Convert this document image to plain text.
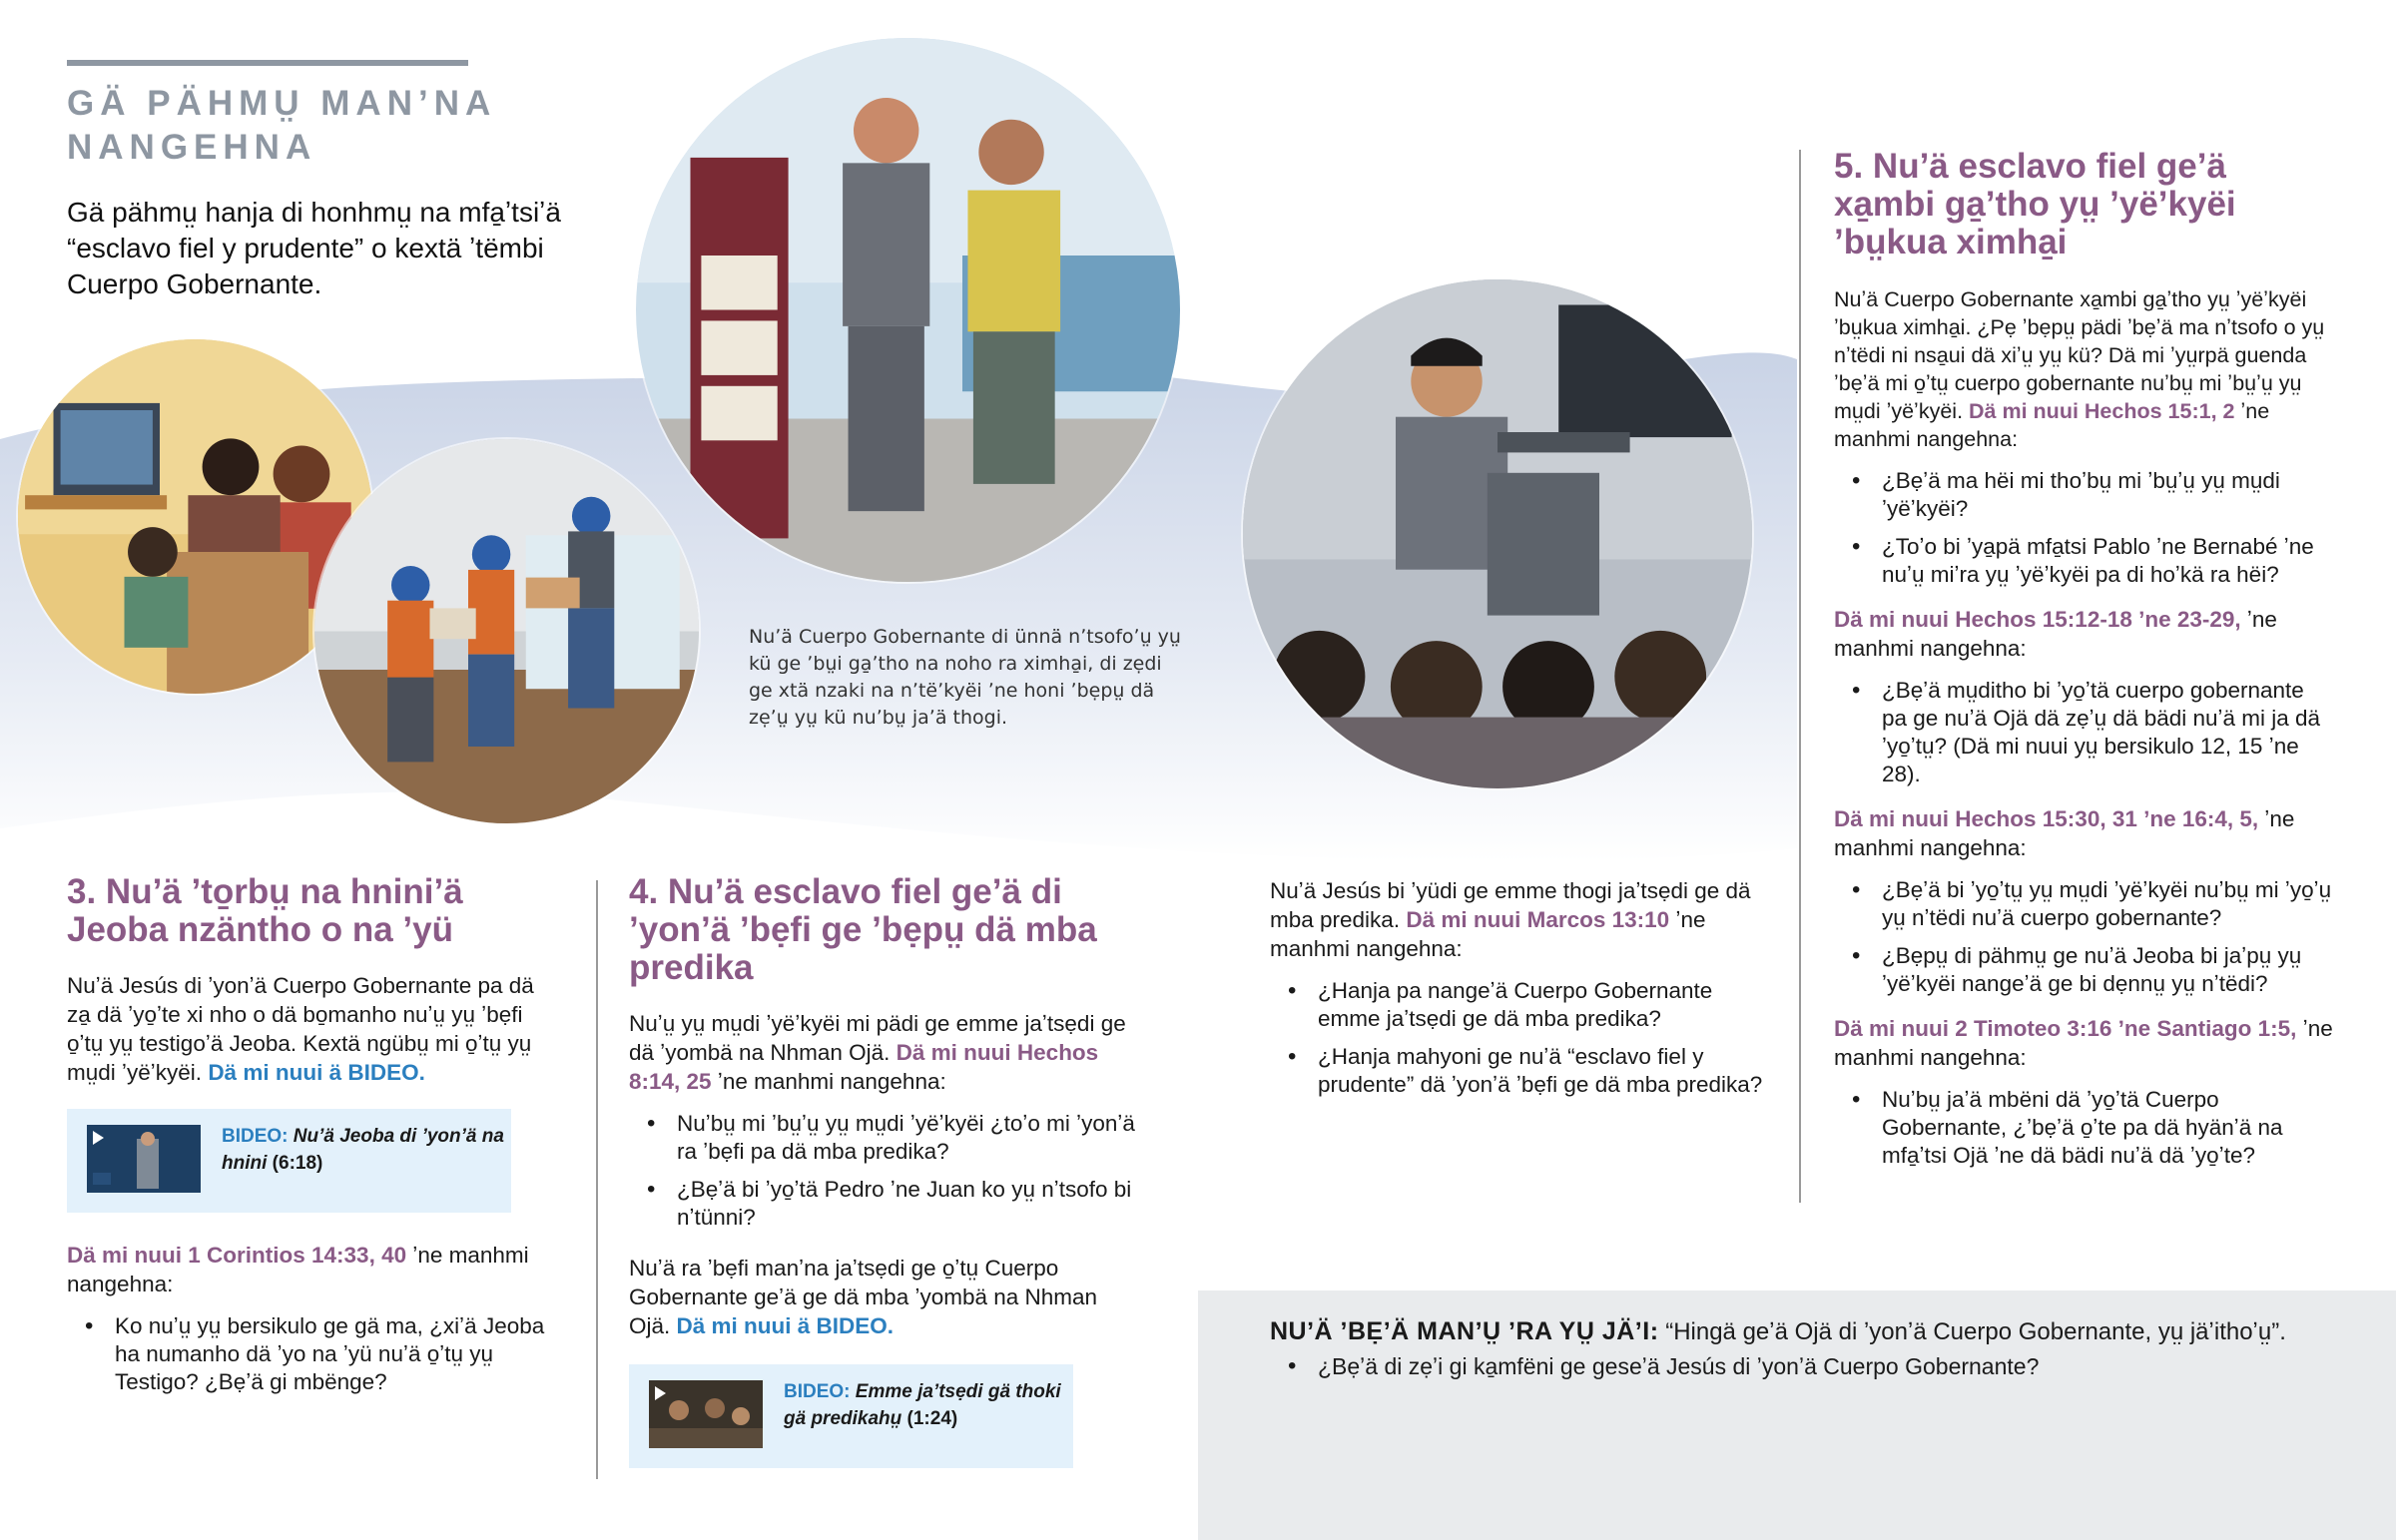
GÄ PÄHMṲ MAN’NA
NANGEHNA
Gä pähmṳ hanja di honhmṳ na mfa̱ʼtsiʼä “esclavo fiel y prudente” o kextä ʼtëmbi Cuerpo Gobernante.
Nuʼä Cuerpo Gobernante di ünnä nʼtsofoʼṳ yṳ kü ge ʼbṳi ga̱ʼtho na noho ra ximha̱i, di zẹdi ge xtä nzaki na nʼtëʼkyëi ʼne honi ʼbẹpṳ dä zẹʼṳ yṳ kü nuʼbṳ jaʼä thogi.
3. Nuʼä ʼto̱rbṳ na hniniʼä Jeoba nzäntho o na ʼyü

Nuʼä Jesús di ʼyonʼä Cuerpo Gobernante pa dä za̱ dä ʼyo̱ʼte xi nho o dä bo̱manho nuʼṳ yṳ ʼbẹfi o̱ʼtṳ yṳ testigoʼä Jeoba. Kextä ngübṳ mi o̱ʼtṳ yṳ mṳdi ʼyëʼkyëi. Dä mi nuui ä BIDEO.

BIDEO: Nuʼä Jeoba di ʼyonʼä na hnini (6:18)

Dä mi nuui 1 Corintios 14:33, 40 ʼne manhmi nangehna:

• Ko nuʼṳ yṳ bersikulo ge gä ma, ¿xiʼä Jeoba ha numanho dä ʼyo na ʼyü nuʼä o̱ʼtṳ yṳ Testigo? ¿Bẹʼä gi mbënge?
4. Nuʼä esclavo fiel geʼä di ʼyonʼä ʼbẹfi ge ʼbẹpṳ dä mba predika

Nuʼṳ yṳ mṳdi ʼyëʼkyëi mi pädi ge emme jaʼtsẹdi ge dä ʼyombä na Nhman Ojä. Dä mi nuui Hechos 8:14, 25 ʼne manhmi nangehna:

• Nuʼbṳ mi ʼbṳʼṳ yṳ mṳdi ʼyëʼkyëi ¿toʼo mi ʼyonʼä ra ʼbẹfi pa dä mba predika?
• ¿Bẹʼä bi ʼyo̱ʼtä Pedro ʼne Juan ko yṳ nʼtsofo bi nʼtünni?

Nuʼä ra ʼbẹfi manʼna jaʼtsẹdi ge o̱ʼtṳ Cuerpo Gobernante geʼä ge dä mba ʼyombä na Nhman Ojä. Dä mi nuui ä BIDEO.

BIDEO: Emme jaʼtsẹdi gä thoki gä predikahṳ (1:24)

Nuʼä Jesús bi ʼyüdi ge emme thogi jaʼtsẹdi ge dä mba predika. Dä mi nuui Marcos 13:10 ʼne manhmi nangehna:

• ¿Hanja pa nangeʼä Cuerpo Gobernante emme jaʼtsẹdi ge dä mba predika?
• ¿Hanja mahyoni ge nuʼä “esclavo fiel y prudente” dä ʼyonʼä ʼbẹfi ge dä mba predika?
5. Nuʼä esclavo fiel geʼä xa̱mbi ga̱ʼtho yṳ ʼyëʼkyëi ʼbṳkua ximha̱i

Nuʼä Cuerpo Gobernante xa̱mbi ga̱ʼtho yṳ ʼyëʼkyëi ʼbṳkua ximha̱i. ¿Pẹ ʼbẹpṳ pädi ʼbẹʼä ma nʼtsofo o yṳ nʼtëdi ni nsa̱ui dä xiʼṳ yṳ kü? Dä mi ʼyṳrpä guenda ʼbẹʼä mi o̱ʼtṳ cuerpo gobernante nuʼbṳ mi ʼbṳʼṳ yṳ mṳdi ʼyëʼkyëi. Dä mi nuui Hechos 15:1, 2 ʼne manhmi nangehna:

• ¿Bẹʼä ma hëi mi thoʼbṳ mi ʼbṳʼṳ yṳ mṳdi ʼyëʼkyëi?
• ¿Toʼo bi ʼya̱pä mfa̱tsi Pablo ʼne Bernabé ʼne nuʼṳ miʼra yṳ ʼyëʼkyëi pa di hoʼkä ra hëi?

Dä mi nuui Hechos 15:12-18 ʼne 23-29, ʼne manhmi nangehna:

• ¿Bẹʼä mṳditho bi ʼyo̱ʼtä cuerpo gobernante pa ge nuʼä Ojä dä zẹʼṳ dä bädi nuʼä mi ja dä ʼyo̱ʼtṳ? (Dä mi nuui yṳ bersikulo 12, 15 ʼne 28).

Dä mi nuui Hechos 15:30, 31 ʼne 16:4, 5, ʼne manhmi nangehna:

• ¿Bẹʼä bi ʼyo̱ʼtṳ yṳ mṳdi ʼyëʼkyëi nuʼbṳ mi ʼyo̱ʼṳ yṳ nʼtëdi nuʼä cuerpo gobernante?
• ¿Bẹpṳ di pähmṳ ge nuʼä Jeoba bi jaʼpṳ yṳ ʼyëʼkyëi nangeʼä ge bi dẹnnṳ yṳ nʼtëdi?

Dä mi nuui 2 Timoteo 3:16 ʼne Santiago 1:5, ʼne manhmi nangehna:

• Nuʼbṳ jaʼä mbëni dä ʼyo̱ʼtä Cuerpo Gobernante, ¿ʼbẹʼä o̱ʼte pa dä hyänʼä na mfa̱ʼtsi Ojä ʼne dä bädi nuʼä dä ʼyo̱ʼte?
NUʼÄ ʼBẸʼÄ MANʼṲ ʼRA YṲ JÄʼI: “Hingä geʼä Ojä di ʼyonʼä Cuerpo Gobernante, yṳ jäʼithoʼṳ”.
• ¿Bẹʼä di zẹʼi gi ka̱mfëni ge geseʼä Jesús di ʼyonʼä Cuerpo Gobernante?
